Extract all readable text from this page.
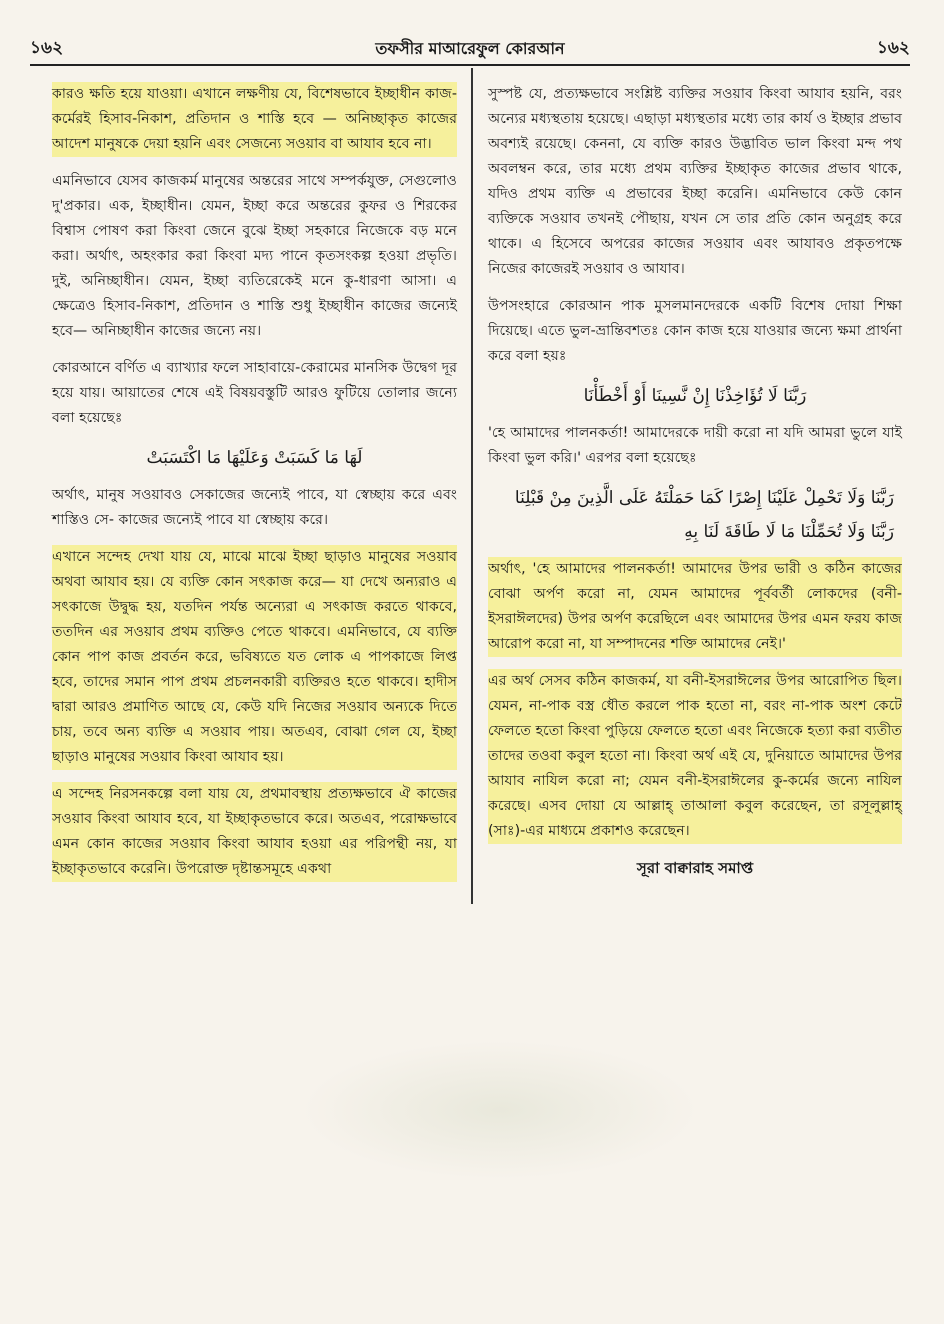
১৬২	তফসীর মাআরেফুল কোরআন	১৬২

কারও ক্ষতি হয়ে যাওয়া। এখানে লক্ষণীয় যে, বিশেষভাবে ইচ্ছাধীন কাজ-কর্মেরই হিসাব-নিকাশ, প্রতিদান ও শাস্তি হবে — অনিচ্ছাকৃত কাজের আদেশ মানুষকে দেয়া হয়নি এবং সেজন্যে সওয়াব বা আযাব হবে না।

এমনিভাবে যেসব কাজকর্ম মানুষের অন্তরের সাথে সম্পর্কযুক্ত, সেগুলোও দু'প্রকার। এক, ইচ্ছাধীন। যেমন, ইচ্ছা করে অন্তরের কুফর ও শিরকের বিশ্বাস পোষণ করা কিংবা জেনে বুঝে ইচ্ছা সহকারে নিজেকে বড় মনে করা। অর্থাৎ, অহংকার করা কিংবা মদ্য পানে কৃতসংকল্প হওয়া প্রভৃতি। দুই, অনিচ্ছাধীন। যেমন, ইচ্ছা ব্যতিরেকেই মনে কু-ধারণা আসা। এ ক্ষেত্রেও হিসাব-নিকাশ, প্রতিদান ও শাস্তি শুধু ইচ্ছাধীন কাজের জন্যেই হবে— অনিচ্ছাধীন কাজের জন্যে নয়।

কোরআনে বর্ণিত এ ব্যাখ্যার ফলে সাহাবায়ে-কেরামের মানসিক উদ্বেগ দূর হয়ে যায়। আয়াতের শেষে এই বিষয়বস্তুটি আরও ফুটিয়ে তোলার জন্যে বলা হয়েছেঃ

لَهَا مَا كَسَبَتْ وَعَلَيْهَا مَا اكْتَسَبَتْ

অর্থাৎ, মানুষ সওয়াবও সেকাজের জন্যেই পাবে, যা স্বেচ্ছায় করে এবং শাস্তিও সে- কাজের জন্যেই পাবে যা স্বেচ্ছায় করে।

এখানে সন্দেহ দেখা যায় যে, মাঝে মাঝে ইচ্ছা ছাড়াও মানুষের সওয়াব অথবা আযাব হয়। যে ব্যক্তি কোন সৎকাজ করে— যা দেখে অন্যরাও এ সৎকাজে উদ্বুদ্ধ হয়, যতদিন পর্যন্ত অন্যেরা এ সৎকাজ করতে থাকবে, ততদিন এর সওয়াব প্রথম ব্যক্তিও পেতে থাকবে। এমনিভাবে, যে ব্যক্তি কোন পাপ কাজ প্রবর্তন করে, ভবিষ্যতে যত লোক এ পাপকাজে লিপ্ত হবে, তাদের সমান পাপ প্রথম প্রচলনকারী ব্যক্তিরও হতে থাকবে। হাদীস দ্বারা আরও প্রমাণিত আছে যে, কেউ যদি নিজের সওয়াব অন্যকে দিতে চায়, তবে অন্য ব্যক্তি এ সওয়াব পায়। অতএব, বোঝা গেল যে, ইচ্ছা ছাড়াও মানুষের সওয়াব কিংবা আযাব হয়।

এ সন্দেহ নিরসনকল্পে বলা যায় যে, প্রথমাবস্থায় প্রত্যক্ষভাবে ঐ কাজের সওয়াব কিংবা আযাব হবে, যা ইচ্ছাকৃতভাবে করে। অতএব, পরোক্ষভাবে এমন কোন কাজের সওয়াব কিংবা আযাব হওয়া এর পরিপন্থী নয়, যা ইচ্ছাকৃতভাবে করেনি। উপরোক্ত দৃষ্টান্তসমূহে একথা

সুস্পষ্ট যে, প্রত্যক্ষভাবে সংশ্লিষ্ট ব্যক্তির সওয়াব কিংবা আযাব হয়নি, বরং অন্যের মধ্যস্থতায় হয়েছে। এছাড়া মধ্যস্থতার মধ্যে তার কার্য ও ইচ্ছার প্রভাব অবশ্যই রয়েছে। কেননা, যে ব্যক্তি কারও উদ্ভাবিত ভাল কিংবা মন্দ পথ অবলম্বন করে, তার মধ্যে প্রথম ব্যক্তির ইচ্ছাকৃত কাজের প্রভাব থাকে, যদিও প্রথম ব্যক্তি এ প্রভাবের ইচ্ছা করেনি। এমনিভাবে কেউ কোন ব্যক্তিকে সওয়াব তখনই পৌছায়, যখন সে তার প্রতি কোন অনুগ্রহ করে থাকে। এ হিসেবে অপরের কাজের সওয়াব এবং আযাবও প্রকৃতপক্ষে নিজের কাজেরই সওয়াব ও আযাব।

উপসংহারে কোরআন পাক মুসলমানদেরকে একটি বিশেষ দোয়া শিক্ষা দিয়েছে। এতে ভুল-ভ্রান্তিবশতঃ কোন কাজ হয়ে যাওয়ার জন্যে ক্ষমা প্রার্থনা করে বলা হয়ঃ

رَبَّنَا لَا تُؤَاخِذْنَا إِنْ نَّسِينَا أَوْ أَخْطَأْنَا

'হে আমাদের পালনকর্তা! আমাদেরকে দায়ী করো না যদি আমরা ভুলে যাই কিংবা ভুল করি।' এরপর বলা হয়েছেঃ

رَبَّنَا وَلَا تَحْمِلْ عَلَيْنَا إِصْرًا كَمَا حَمَلْتَهُ عَلَى الَّذِينَ مِنْ قَبْلِنَا
رَبَّنَا وَلَا تُحَمِّلْنَا مَا لَا طَاقَةَ لَنَا بِهِ

অর্থাৎ, 'হে আমাদের পালনকর্তা! আমাদের উপর ভারী ও কঠিন কাজের বোঝা অর্পণ করো না, যেমন আমাদের পূর্ববর্তী লোকদের (বনী-ইসরাঈলদের) উপর অর্পণ করেছিলে এবং আমাদের উপর এমন ফরয কাজ আরোপ করো না, যা সম্পাদনের শক্তি আমাদের নেই।'

এর অর্থ সেসব কঠিন কাজকর্ম, যা বনী-ইসরাঈলের উপর আরোপিত ছিল। যেমন, না-পাক বস্ত্র ধৌত করলে পাক হতো না, বরং না-পাক অংশ কেটে ফেলতে হতো কিংবা পুড়িয়ে ফেলতে হতো এবং নিজেকে হত্যা করা ব্যতীত তাদের তওবা কবুল হতো না। কিংবা অর্থ এই যে, দুনিয়াতে আমাদের উপর আযাব নাযিল করো না; যেমন বনী-ইসরাঈলের কু-কর্মের জন্যে নাযিল করেছে। এসব দোয়া যে আল্লাহ্ তাআলা কবুল করেছেন, তা রসূলুল্লাহ্ (সাঃ)-এর মাধ্যমে প্রকাশও করেছেন।

সূরা বাক্বারাহ সমাপ্ত
